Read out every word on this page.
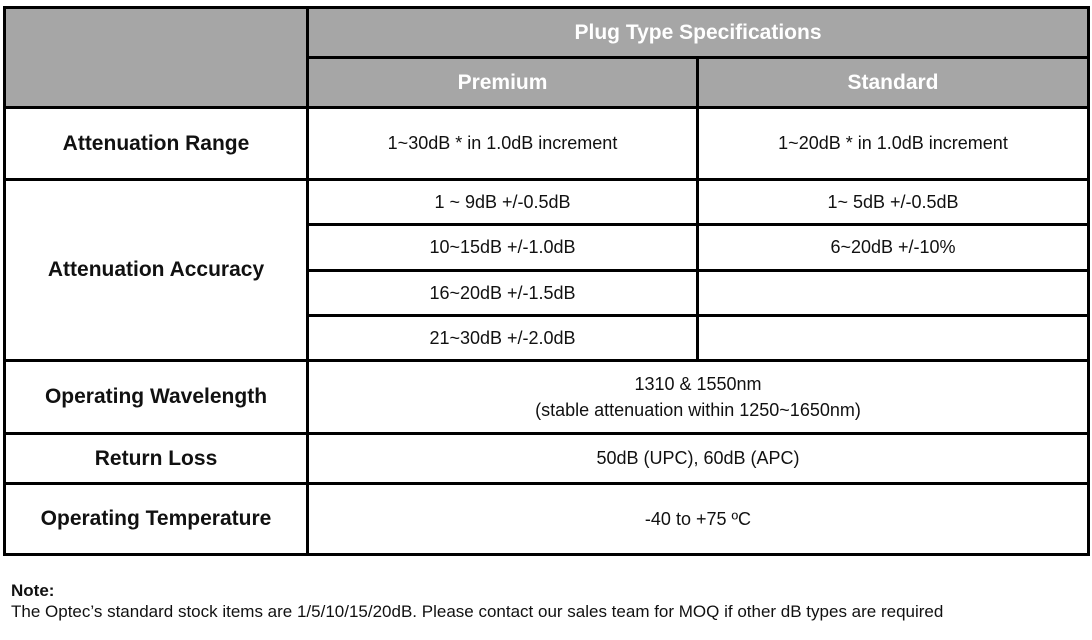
	Plug Type Specifications	
	Premium	Standard
Attenuation Range	1~30dB * in 1.0dB increment	1~20dB * in 1.0dB increment
Attenuation Accuracy	1 ~ 9dB +/-0.5dB	1~ 5dB +/-0.5dB
	10~15dB +/-1.0dB	6~20dB +/-10%
	16~20dB +/-1.5dB	
	21~30dB +/-2.0dB	
Operating Wavelength	1310 & 1550nm
(stable attenuation within 1250~1650nm)	
Return Loss	50dB (UPC), 60dB (APC)	
Operating Temperature	-40 to +75 ºC	
Note:
The Optec’s standard stock items are 1/5/10/15/20dB. Please contact our sales team for MOQ if other dB types are required
